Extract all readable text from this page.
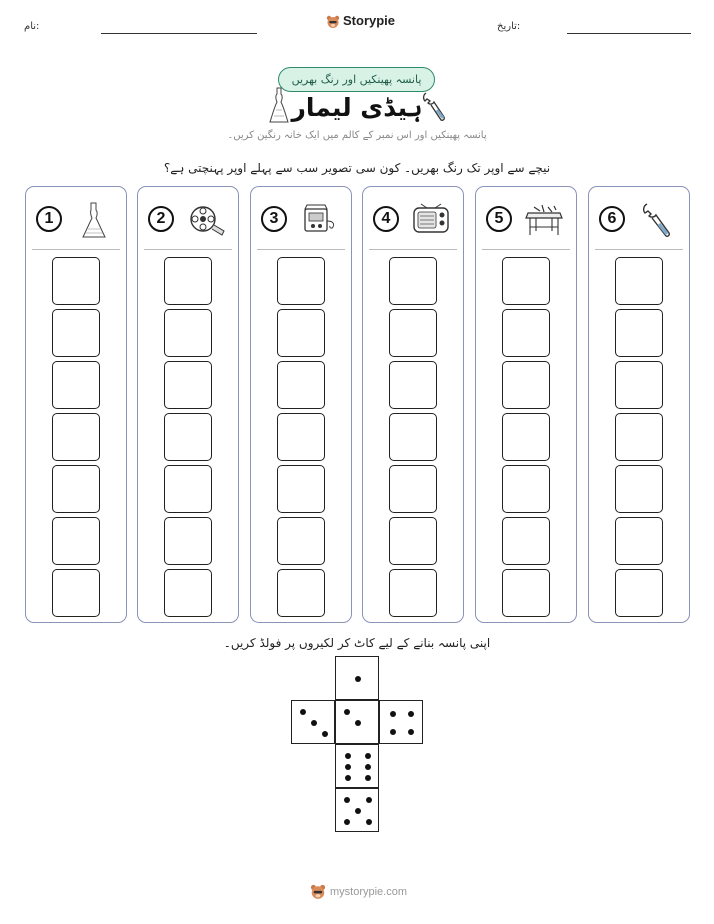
نام:	Storypie	تاریخ:
پانسہ پھینکیں اور رنگ بھریں
ہیڈی لیمار
پانسہ پھینکیں اور اس نمبر کے کالم میں ایک خانہ رنگین کریں۔
نیچے سے اوپر تک رنگ بھریں۔ کون سی تصویر سب سے پہلے اوپر پہنچتی ہے؟
1	2	3	4	5	6
اپنی پانسہ بنانے کے لیے کاٹ کر لکیروں پر فولڈ کریں۔
mystorypie.com
